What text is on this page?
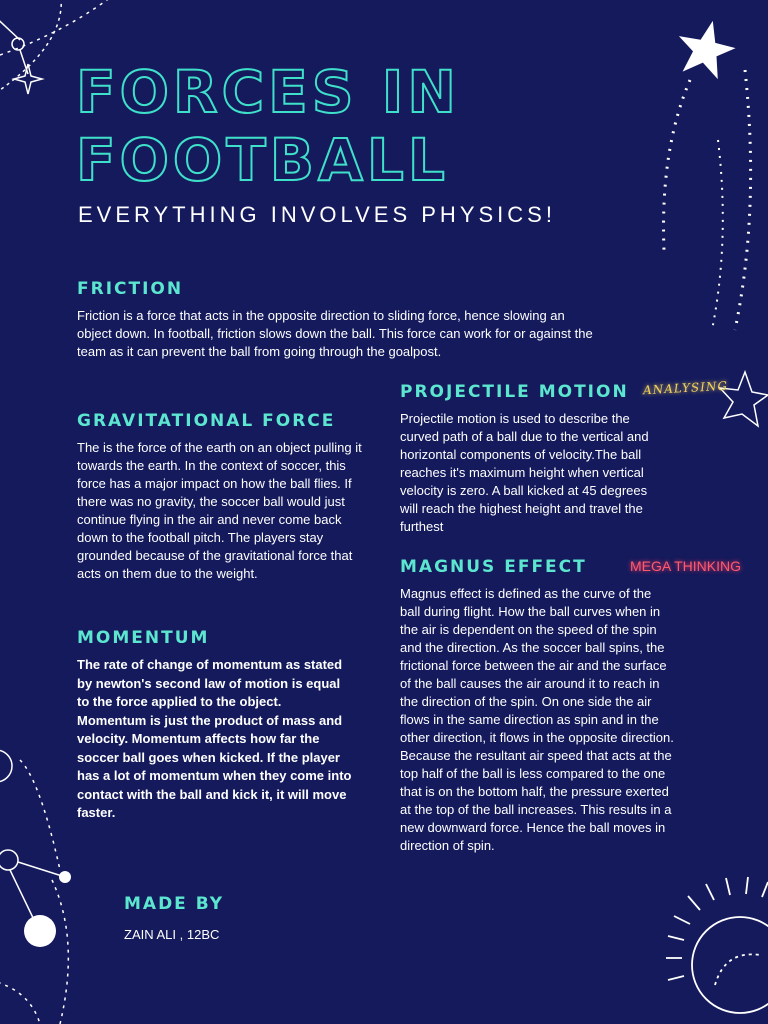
FORCES IN
FOOTBALL

EVERYTHING INVOLVES PHYSICS!

FRICTION

Friction is a force that acts in the opposite direction to sliding force, hence slowing an object down. In football, friction slows down the ball. This force can work for or against the team as it can prevent the ball from going through the goalpost.

GRAVITATIONAL FORCE

The is the force of the earth on an object pulling it towards the earth. In the context of soccer, this force has a major impact on how the ball flies. If there was no gravity, the soccer ball would just continue flying in the air and never come back down to the football pitch. The players stay grounded because of the gravitational force that acts on them due to the weight.

MOMENTUM

The rate of change of momentum as stated by newton's second law of motion is equal to the force applied to the object. Momentum is just the product of mass and velocity. Momentum affects how far the soccer ball goes when kicked. If the player has a lot of momentum when they come into contact with the ball and kick it, it will move faster.

PROJECTILE MOTION

Projectile motion is used to describe the curved path of a ball due to the vertical and horizontal components of velocity.The ball reaches it's maximum height when vertical velocity is zero. A ball kicked at 45 degrees will reach the highest height and travel the furthest

ANALYSING
MAGNUS EFFECT

Magnus effect is defined as the curve of the ball during flight. How the ball curves when in the air is dependent on the speed of the spin and the direction. As the soccer ball spins, the frictional force between the air and the surface of the ball causes the air around it to reach in the direction of the spin. On one side the air flows in the same direction as spin and in the other direction, it flows in the opposite direction. Because the resultant air speed that acts at the top half of the ball is less compared to the one that is on the bottom half, the pressure exerted at the top of the ball increases. This results in a new downward force. Hence the ball moves in direction of spin.

MEGA THINKING
MADE BY
ZAIN ALI , 12BC
